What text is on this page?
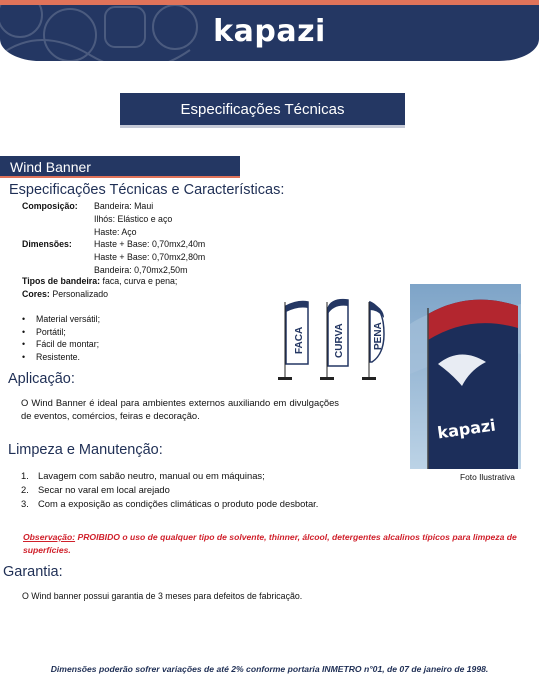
kapazi
Especificações Técnicas
Wind Banner
Especificações Técnicas e Características:
Composição:	Bandeira: Maui
Ilhós: Elástico e aço
Haste: Aço
Dimensões:	Haste + Base: 0,70mx2,40m
Haste + Base: 0,70mx2,80m
Bandeira: 0,70mx2,50m
Tipos de bandeira: faca, curva e pena;
Cores: Personalizado
• Material versátil;
• Portátil;
• Fácil de montar;
• Resistente.
FACA	CURVA	PENA
kapazi
Foto Ilustrativa
Aplicação:
O Wind Banner é ideal para ambientes externos auxiliando em divulgações de eventos, comércios, feiras e decoração.
Limpeza e Manutenção:
1. Lavagem com sabão neutro, manual ou em máquinas;
2. Secar no varal em local arejado
3. Com a exposição as condições climáticas o produto pode desbotar.
Observação: PROIBIDO o uso de qualquer tipo de solvente, thinner, álcool, detergentes alcalinos típicos para limpeza de superfícies.
Garantia:
O Wind banner possui garantia de 3 meses para defeitos de fabricação.
Dimensões poderão sofrer variações de até 2% conforme portaria INMETRO n°01, de 07 de janeiro de 1998.
